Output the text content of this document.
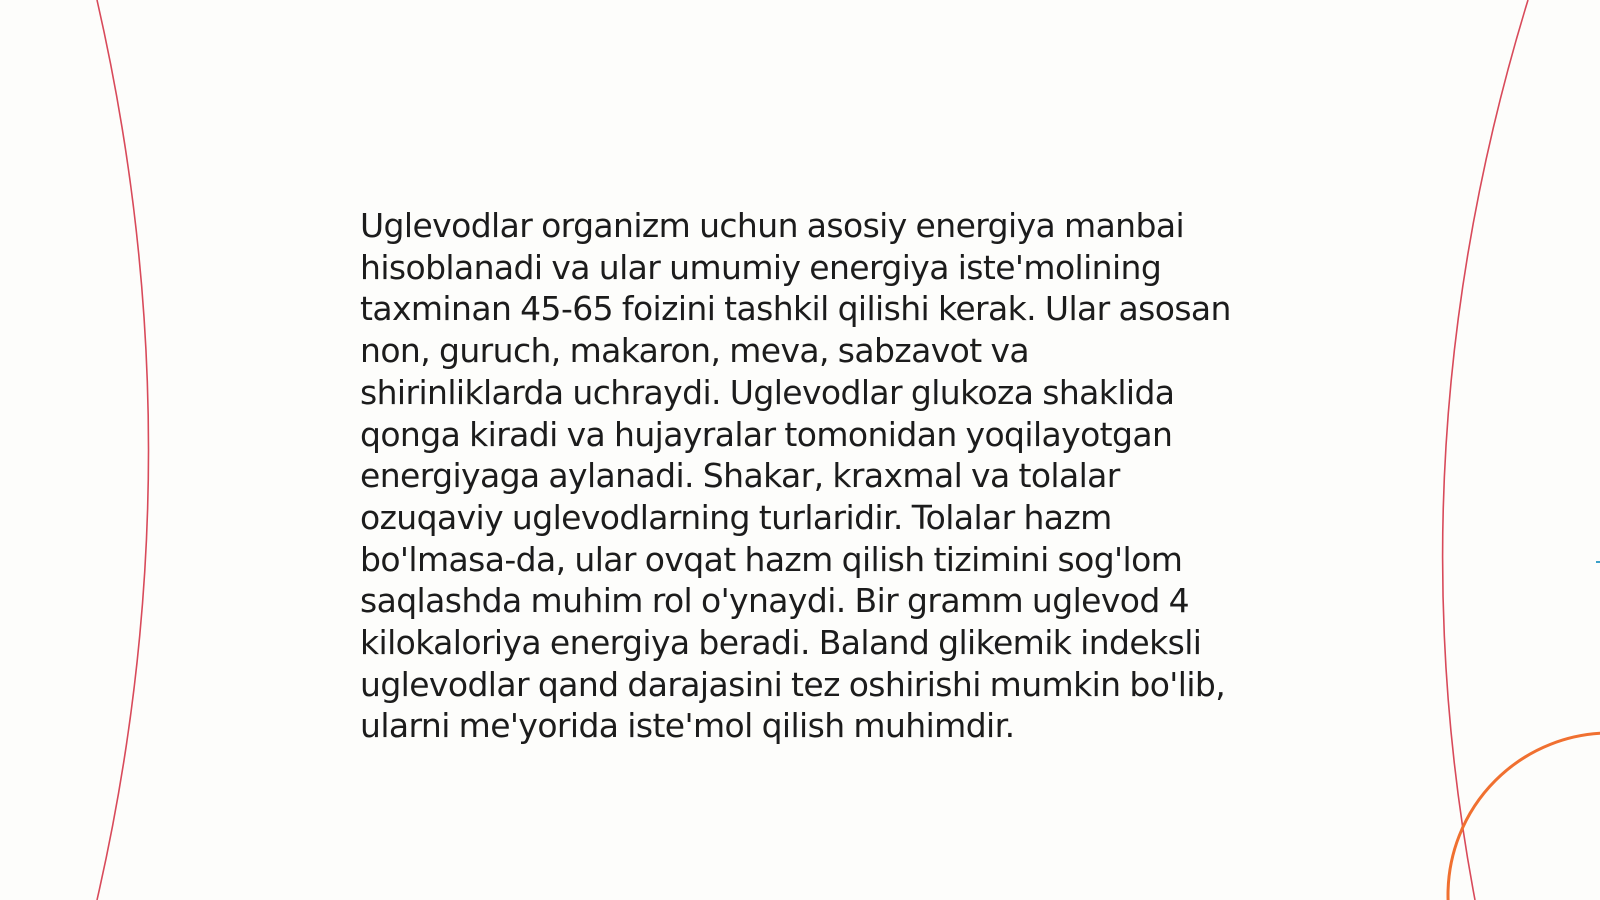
Uglevodlar organizm uchun asosiy energiya manbai hisoblanadi va ular umumiy energiya iste'molining taxminan 45-65 foizini tashkil qilishi kerak. Ular asosan non, guruch, makaron, meva, sabzavot va shirinliklarda uchraydi. Uglevodlar glukoza shaklida qonga kiradi va hujayralar tomonidan yoqilayotgan energiyaga aylanadi. Shakar, kraxmal va tolalar ozuqaviy uglevodlarning turlaridir. Tolalar hazm bo'lmasa-da, ular ovqat hazm qilish tizimini sog'lom saqlashda muhim rol o'ynaydi. Bir gramm uglevod 4 kilokaloriya energiya beradi. Baland glikemik indeksli uglevodlar qand darajasini tez oshirishi mumkin bo'lib, ularni me'yorida iste'mol qilish muhimdir.
